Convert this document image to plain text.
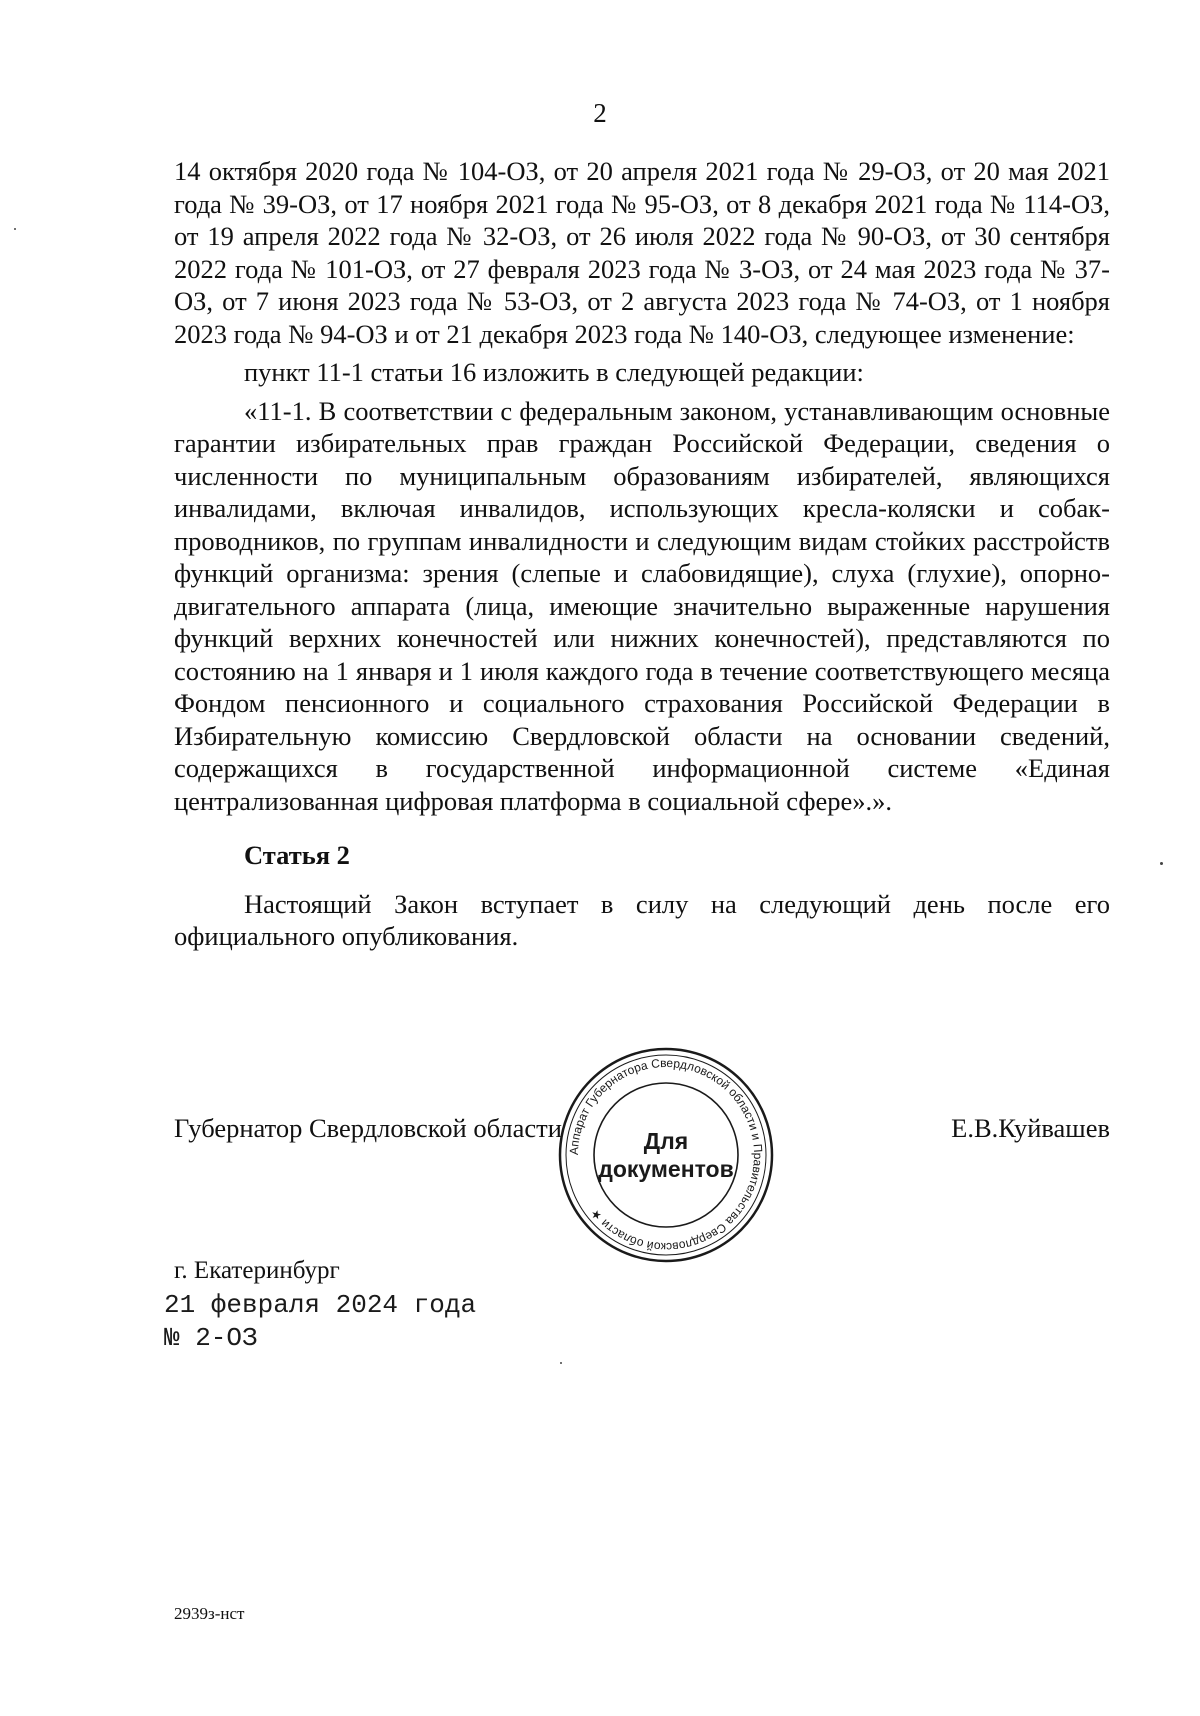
2

14 октября 2020 года № 104-ОЗ, от 20 апреля 2021 года № 29-ОЗ, от 20 мая 2021 года № 39-ОЗ, от 17 ноября 2021 года № 95-ОЗ, от 8 декабря 2021 года № 114-ОЗ, от 19 апреля 2022 года № 32-ОЗ, от 26 июля 2022 года № 90-ОЗ, от 30 сентября 2022 года № 101-ОЗ, от 27 февраля 2023 года № 3-ОЗ, от 24 мая 2023 года № 37-ОЗ, от 7 июня 2023 года № 53-ОЗ, от 2 августа 2023 года № 74-ОЗ, от 1 ноября 2023 года № 94-ОЗ и от 21 декабря 2023 года № 140-ОЗ, следующее изменение:

пункт 11-1 статьи 16 изложить в следующей редакции:

«11-1. В соответствии с федеральным законом, устанавливающим основные гарантии избирательных прав граждан Российской Федерации, сведения о численности по муниципальным образованиям избирателей, являющихся инвалидами, включая инвалидов, использующих кресла-коляски и собак-проводников, по группам инвалидности и следующим видам стойких расстройств функций организма: зрения (слепые и слабовидящие), слуха (глухие), опорно-двигательного аппарата (лица, имеющие значительно выраженные нарушения функций верхних конечностей или нижних конечностей), представляются по состоянию на 1 января и 1 июля каждого года в течение соответствующего месяца Фондом пенсионного и социального страхования Российской Федерации в Избирательную комиссию Свердловской области на основании сведений, содержащихся в государственной информационной системе «Единая централизованная цифровая платформа в социальной сфере».».

Статья 2

Настоящий Закон вступает в силу на следующий день после его официального опубликования.

Губернатор Свердловской области
Аппарат Губернатора Свердловской области и Правительства Свердловской области ★
Для
документов
Е.В.Куйвашев
г. Екатеринбург
21 февраля 2024 года
№ 2-ОЗ
2939з-нст
